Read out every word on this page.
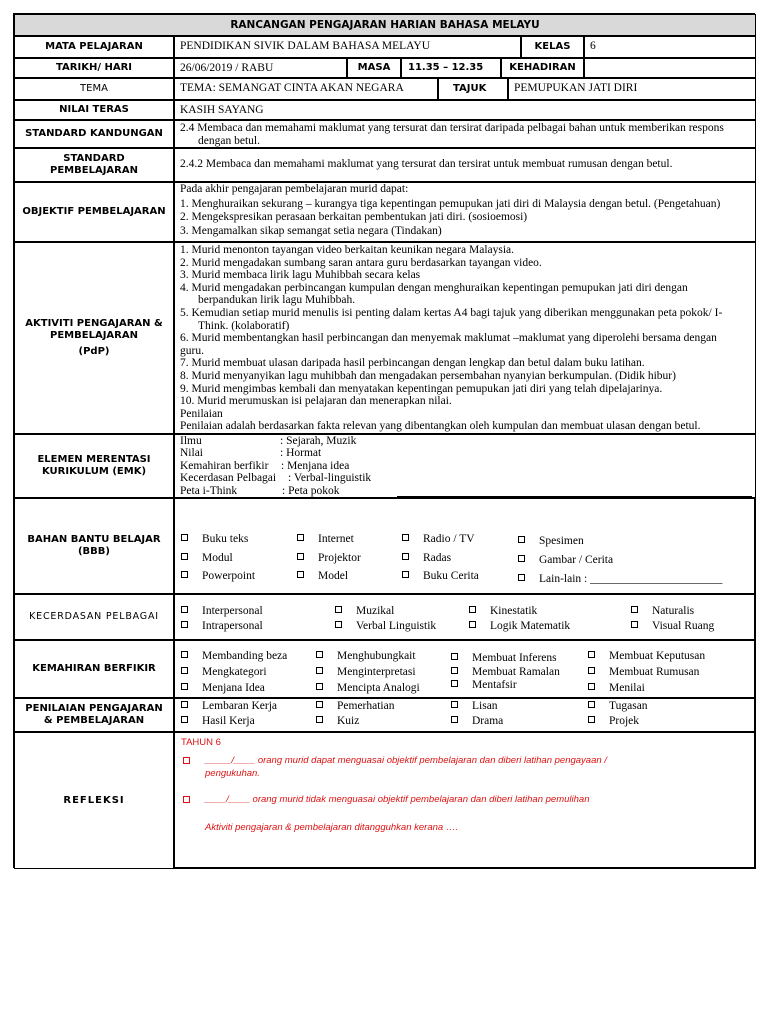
RANCANGAN PENGAJARAN HARIAN BAHASA MELAYU
MATA PELAJARAN	PENDIDIKAN SIVIK DALAM BAHASA MELAYU	KELAS	6
TARIKH/ HARI	26/06/2019 / RABU	MASA	11.35 – 12.35	KEHADIRAN
TEMA	TEMA: SEMANGAT CINTA AKAN NEGARA	TAJUK	PEMUPUKAN JATI DIRI
NILAI TERAS	KASIH SAYANG
STANDARD KANDUNGAN	2.4 Membaca dan memahami maklumat yang tersurat dan tersirat daripada pelbagai bahan untuk memberikan respons
dengan betul.
STANDARD
PEMBELAJARAN
2.4.2 Membaca dan memahami maklumat yang tersurat dan tersirat untuk membuat rumusan dengan betul.
OBJEKTIF PEMBELAJARAN
Pada akhir pengajaran pembelajaran murid dapat:
1. Menghuraikan sekurang – kurangya tiga kepentingan pemupukan jati diri di Malaysia dengan betul. (Pengetahuan)
2. Mengekspresikan perasaan berkaitan pembentukan jati diri. (sosioemosi)
3. Mengamalkan sikap semangat setia negara (Tindakan)
AKTIVITI PENGAJARAN &
PEMBELAJARAN
(PdP)
1. Murid menonton tayangan video berkaitan keunikan negara Malaysia.
2. Murid mengadakan sumbang saran antara guru berdasarkan tayangan video.
3. Murid membaca lirik lagu Muhibbah secara kelas
4. Murid mengadakan perbincangan kumpulan dengan menghuraikan kepentingan pemupukan jati diri dengan
berpandukan lirik lagu Muhibbah.
5. Kemudian setiap murid menulis isi penting dalam kertas A4 bagi tajuk yang diberikan menggunakan peta pokok/ I-
Think. (kolaboratif)
6. Murid membentangkan hasil perbincangan dan menyemak maklumat –maklumat yang diperolehi bersama dengan
guru.
7. Murid membuat ulasan daripada hasil perbincangan dengan lengkap dan betul dalam buku latihan.
8. Murid menyanyikan lagu muhibbah dan mengadakan persembahan nyanyian berkumpulan. (Didik hibur)
9. Murid mengimbas kembali dan menyatakan kepentingan pemupukan jati diri yang telah dipelajarinya.
10. Murid merumuskan isi pelajaran dan menerapkan nilai.
Penilaian
Penilaian adalah berdasarkan fakta relevan yang dibentangkan oleh kumpulan dan membuat ulasan dengan betul.
ELEMEN MERENTASI
KURIKULUM (EMK)
Ilmu	: Sejarah, Muzik
Nilai	: Hormat
Kemahiran berfikir : Menjana idea
Kecerdasan Pelbagai : Verbal-linguistik
Peta i-Think	: Peta pokok
BAHAN BANTU BELAJAR
(BBB)
Buku teks	Internet	Radio / TV	Spesimen
Modul	Projektor	Radas	Gambar / Cerita
Powerpoint	Model	Buku Cerita	Lain-lain : _______________________
KECERDASAN PELBAGAI	Interpersonal	Muzikal	Kinestatik	Naturalis
Intrapersonal	Verbal Linguistik	Logik Matematik	Visual Ruang
KEMAHIRAN BERFIKIR
Membanding beza	Menghubungkait	Membuat Inferens	Membuat Keputusan
Mengkategori	Menginterpretasi	Membuat Ramalan	Membuat Rumusan
Menjana Idea	Mencipta Analogi	Mentafsir	Menilai
PENILAIAN PENGAJARAN
& PEMBELAJARAN
Lembaran Kerja	Pemerhatian	Lisan	Tugasan
Hasil Kerja	Kuiz	Drama	Projek
REFLEKSI
TAHUN 6
_____/____ orang murid dapat menguasai objektif pembelajaran dan diberi latihan pengayaan /
pengukuhan.
____/____ orang murid tidak menguasai objektif pembelajaran dan diberi latihan pemulihan
Aktiviti pengajaran & pembelajaran ditangguhkan kerana ….
